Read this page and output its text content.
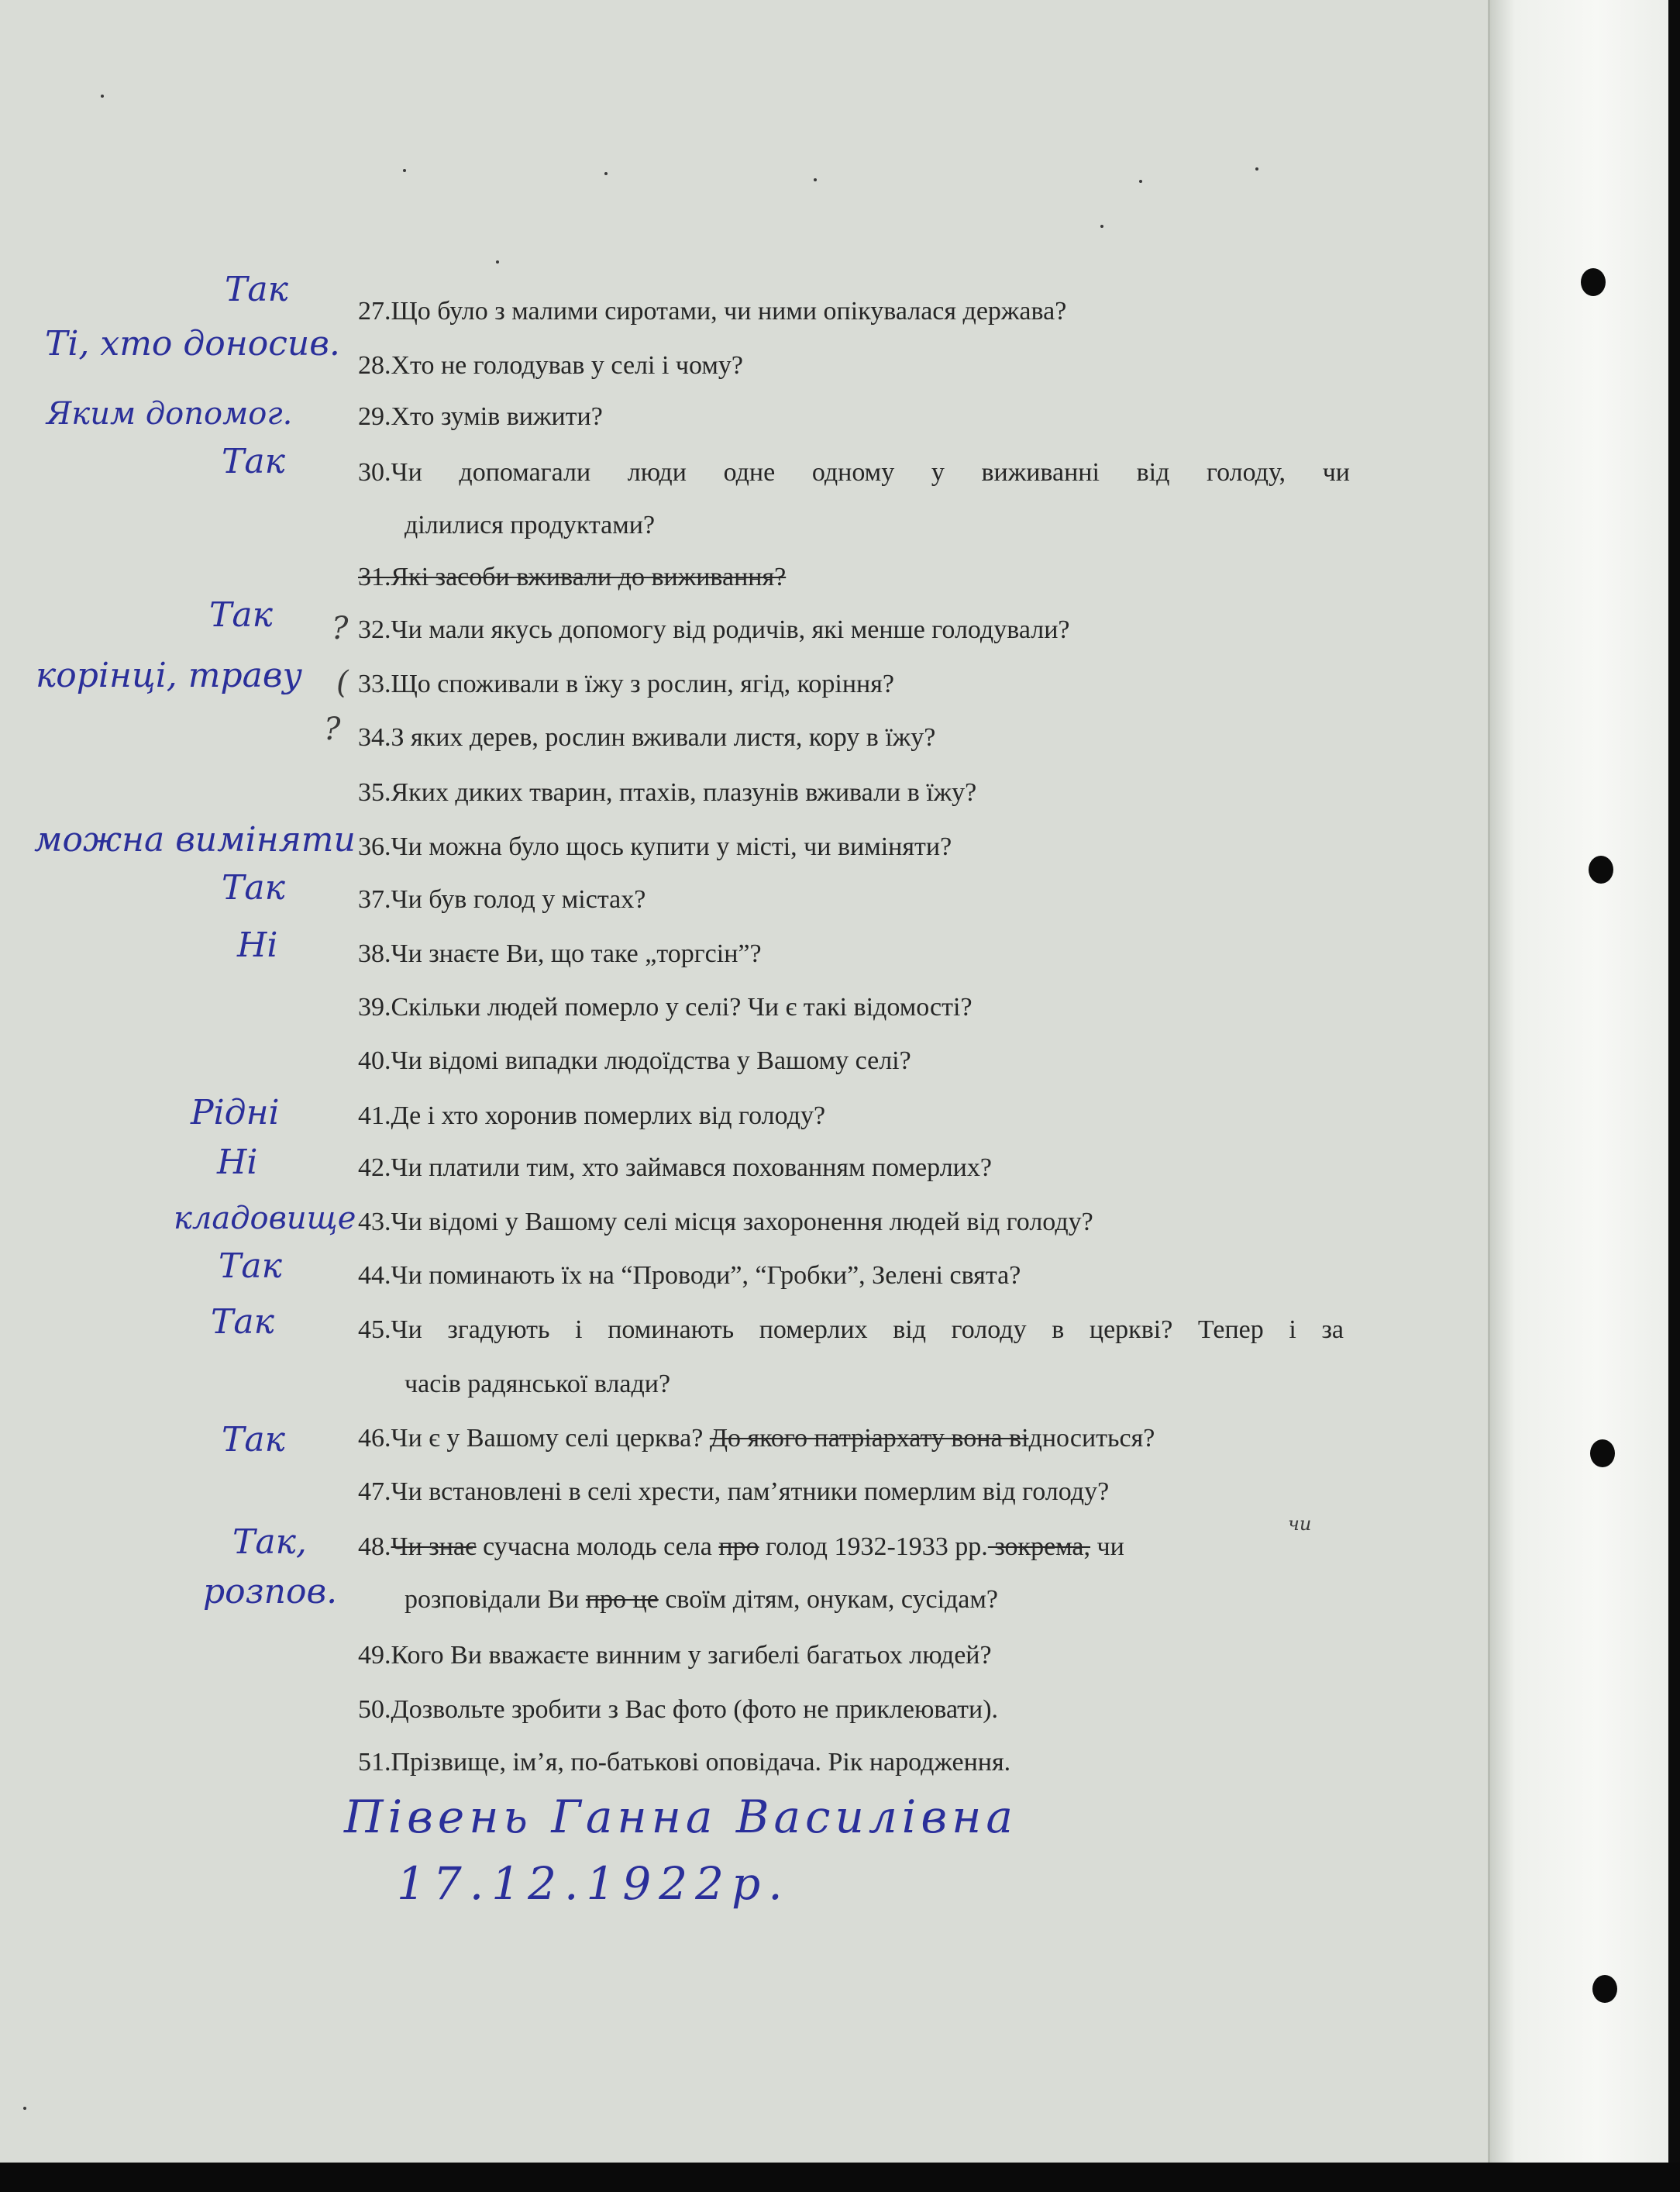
27.Що було з малими сиротами, чи ними опікувалася держава?
28.Хто не голодував у селі і чому?
29.Хто зумів вижити?
30.Чи допомагали люди одне одному у виживанні від голоду, чи
ділилися продуктами?
31.Які засоби вживали до виживання?
32.Чи мали якусь допомогу від родичів, які менше голодували?
33.Що споживали в їжу з рослин, ягід, коріння?
34.З яких дерев, рослин вживали листя, кору в їжу?
35.Яких диких тварин, птахів, плазунів вживали в їжу?
36.Чи можна було щось купити у місті, чи виміняти?
37.Чи був голод у містах?
38.Чи знаєте Ви, що таке „торгсін”?
39.Скільки людей померло у селі? Чи є такі відомості?
40.Чи відомі випадки людоїдства у Вашому селі?
41.Де і хто хоронив померлих від голоду?
42.Чи платили тим, хто займався похованням померлих?
43.Чи відомі у Вашому селі місця захоронення людей від голоду?
44.Чи поминають їх на “Проводи”, “Гробки”, Зелені свята?
45.Чи згадують і поминають померлих від голоду в церкві? Тепер і за
часів радянської влади?
46.Чи є у Вашому селі церква? До якого патріархату вона відноситься?
47.Чи встановлені в селі хрести, пам’ятники померлим від голоду?
48.Чи знає сучасна молодь села про голод 1932-1933 рр. зокрема, чи
розповідали Ви про це своїм дітям, онукам, сусідам?
49.Кого Ви вважаєте винним у загибелі багатьох людей?
50.Дозвольте зробити з Вас фото (фото не приклеювати).
51.Прізвище, ім’я, по-батькові оповідача. Рік народження.
Так
Ті, хто доносив.
Яким допомог.
Так
Так ?
корінці, траву (
?
можна виміняти
Так
Ні
Рідні
Ні
кладовище
Так
Так
Так
Так,
розпов.
чи
Півень Ганна Василівна
17.12.1922р.
